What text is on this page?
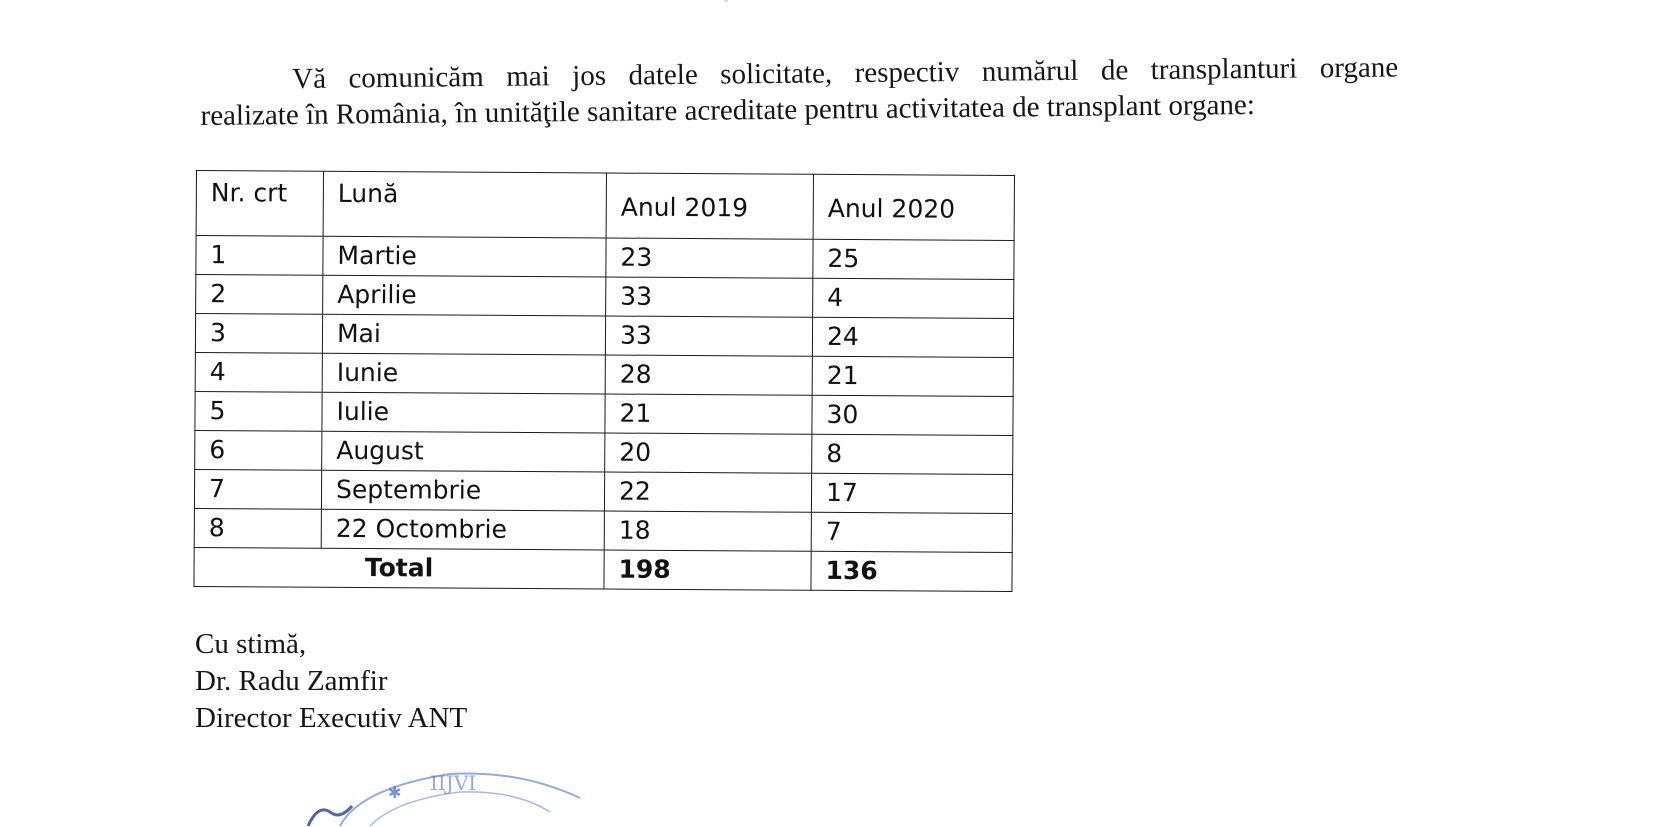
Vă comunicăm mai jos datele solicitate, respectiv numărul de transplanturi organe
realizate în România, în unităţile sanitare acreditate pentru activitatea de transplant organe:
Nr. crt	Lună	Anul 2019	Anul 2020
1	Martie	23	25
2	Aprilie	33	4
3	Mai	33	24
4	Iunie	28	21
5	Iulie	21	30
6	August	20	8
7	Septembrie	22	17
8	22 Octombrie	18	7
Total		198	136
Cu stimă,
Dr. Radu Zamfir
Director Executiv ANT
✱ IIJVI
